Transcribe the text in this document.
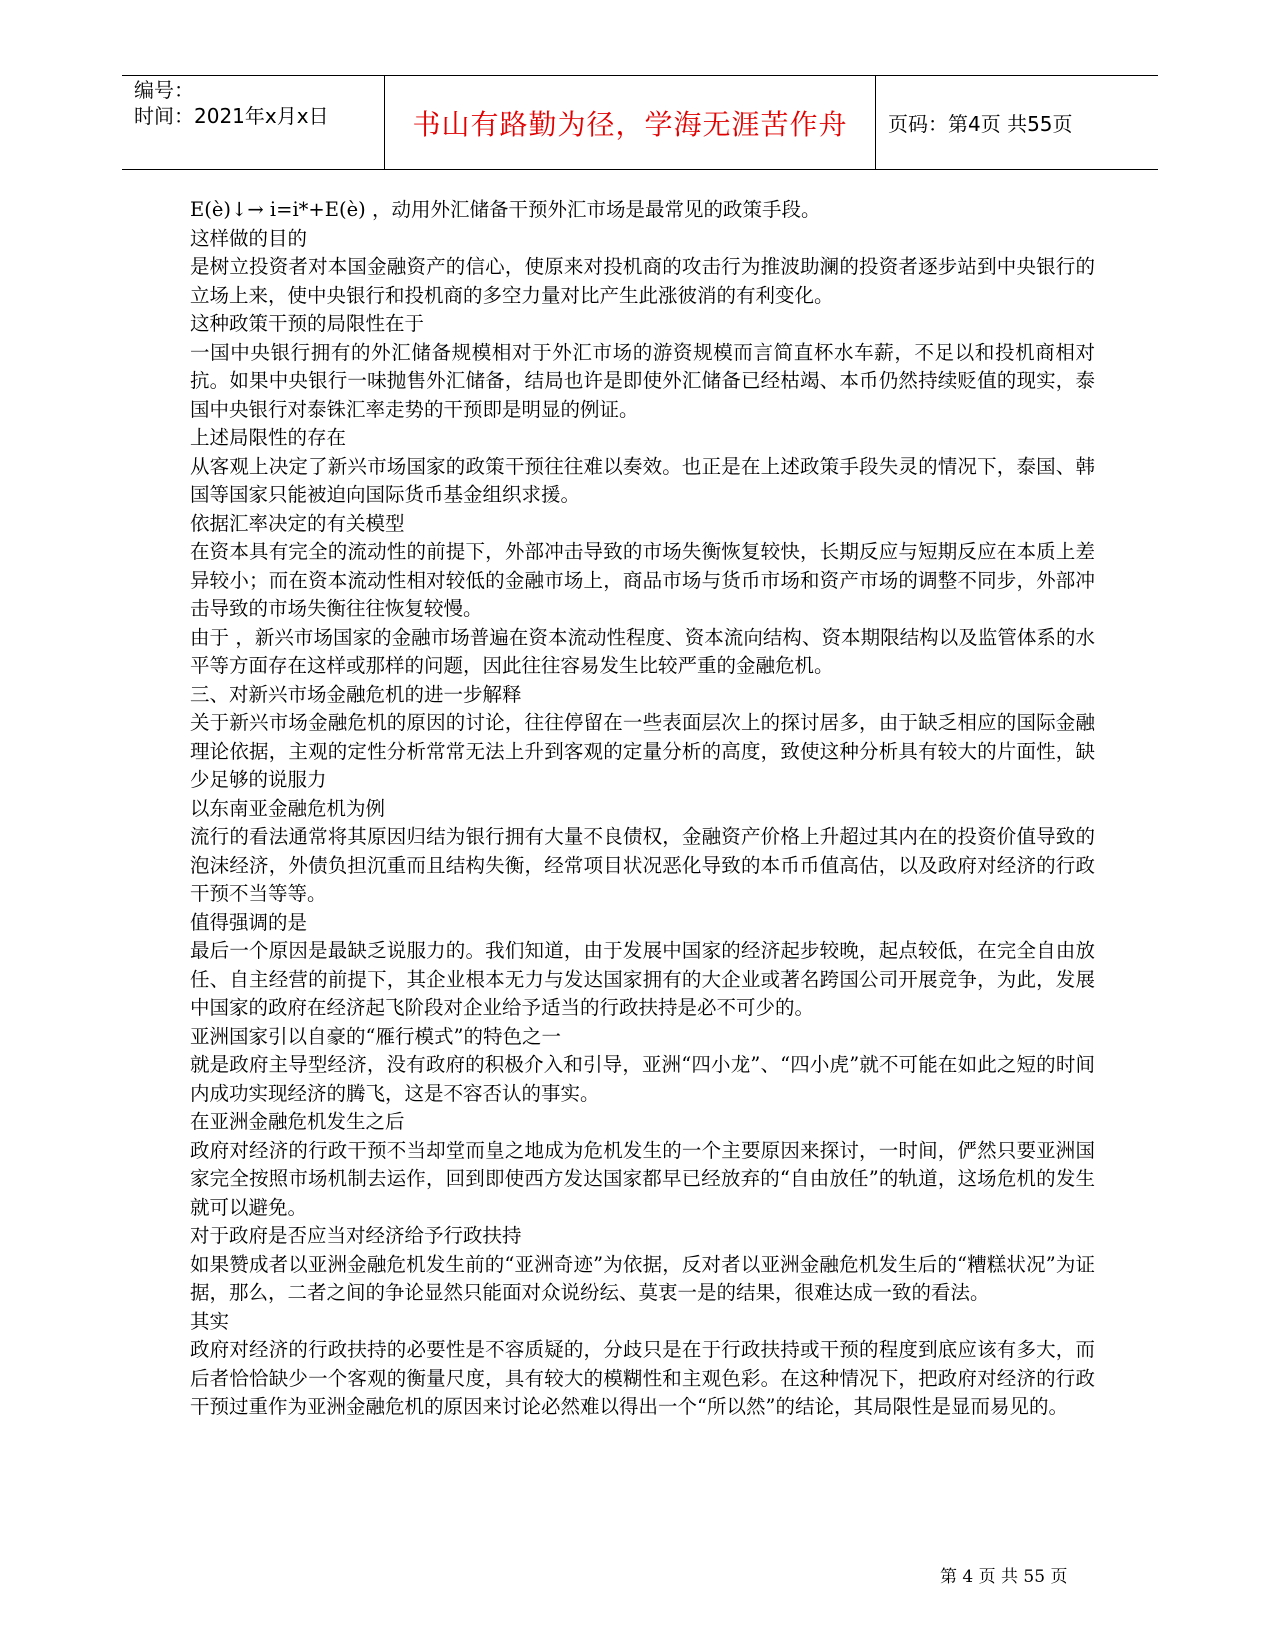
编号：
时间：2021年x月x日	书山有路勤为径，学海无涯苦作舟	页码：第4页 共55页

E(è)↓→ i=i*+E(è) ，动用外汇储备干预外汇市场是最常见的政策手段。

这样做的目的

是树立投资者对本国金融资产的信心，使原来对投机商的攻击行为推波助澜的投资者逐步站到中央银行的立场上来，使中央银行和投机商的多空力量对比产生此涨彼消的有利变化。

这种政策干预的局限性在于

一国中央银行拥有的外汇储备规模相对于外汇市场的游资规模而言简直杯水车薪，不足以和投机商相对抗。如果中央银行一味抛售外汇储备，结局也许是即使外汇储备已经枯竭、本币仍然持续贬值的现实，泰国中央银行对泰铢汇率走势的干预即是明显的例证。

上述局限性的存在

从客观上决定了新兴市场国家的政策干预往往难以奏效。也正是在上述政策手段失灵的情况下，泰国、韩国等国家只能被迫向国际货币基金组织求援。

依据汇率决定的有关模型

在资本具有完全的流动性的前提下，外部冲击导致的市场失衡恢复较快，长期反应与短期反应在本质上差异较小；而在资本流动性相对较低的金融市场上，商品市场与货币市场和资产市场的调整不同步，外部冲击导致的市场失衡往往恢复较慢。

由于 ，新兴市场国家的金融市场普遍在资本流动性程度、资本流向结构、资本期限结构以及监管体系的水平等方面存在这样或那样的问题，因此往往容易发生比较严重的金融危机。

三、对新兴市场金融危机的进一步解释

关于新兴市场金融危机的原因的讨论，往往停留在一些表面层次上的探讨居多，由于缺乏相应的国际金融理论依据，主观的定性分析常常无法上升到客观的定量分析的高度，致使这种分析具有较大的片面性，缺少足够的说服力

以东南亚金融危机为例

流行的看法通常将其原因归结为银行拥有大量不良债权，金融资产价格上升超过其内在的投资价值导致的泡沫经济，外债负担沉重而且结构失衡，经常项目状况恶化导致的本币币值高估，以及政府对经济的行政干预不当等等。

值得强调的是

最后一个原因是最缺乏说服力的。我们知道，由于发展中国家的经济起步较晚，起点较低，在完全自由放任、自主经营的前提下，其企业根本无力与发达国家拥有的大企业或著名跨国公司开展竞争，为此，发展中国家的政府在经济起飞阶段对企业给予适当的行政扶持是必不可少的。

亚洲国家引以自豪的“雁行模式”的特色之一

就是政府主导型经济，没有政府的积极介入和引导，亚洲“四小龙”、“四小虎”就不可能在如此之短的时间内成功实现经济的腾飞，这是不容否认的事实。

在亚洲金融危机发生之后

政府对经济的行政干预不当却堂而皇之地成为危机发生的一个主要原因来探讨，一时间，俨然只要亚洲国家完全按照市场机制去运作，回到即使西方发达国家都早已经放弃的“自由放任”的轨道，这场危机的发生就可以避免。

对于政府是否应当对经济给予行政扶持

如果赞成者以亚洲金融危机发生前的“亚洲奇迹”为依据，反对者以亚洲金融危机发生后的“糟糕状况”为证据，那么，二者之间的争论显然只能面对众说纷纭、莫衷一是的结果，很难达成一致的看法。

其实

政府对经济的行政扶持的必要性是不容质疑的，分歧只是在于行政扶持或干预的程度到底应该有多大，而后者恰恰缺少一个客观的衡量尺度，具有较大的模糊性和主观色彩。在这种情况下，把政府对经济的行政干预过重作为亚洲金融危机的原因来讨论必然难以得出一个“所以然”的结论，其局限性是显而易见的。

第 4 页 共 55 页
